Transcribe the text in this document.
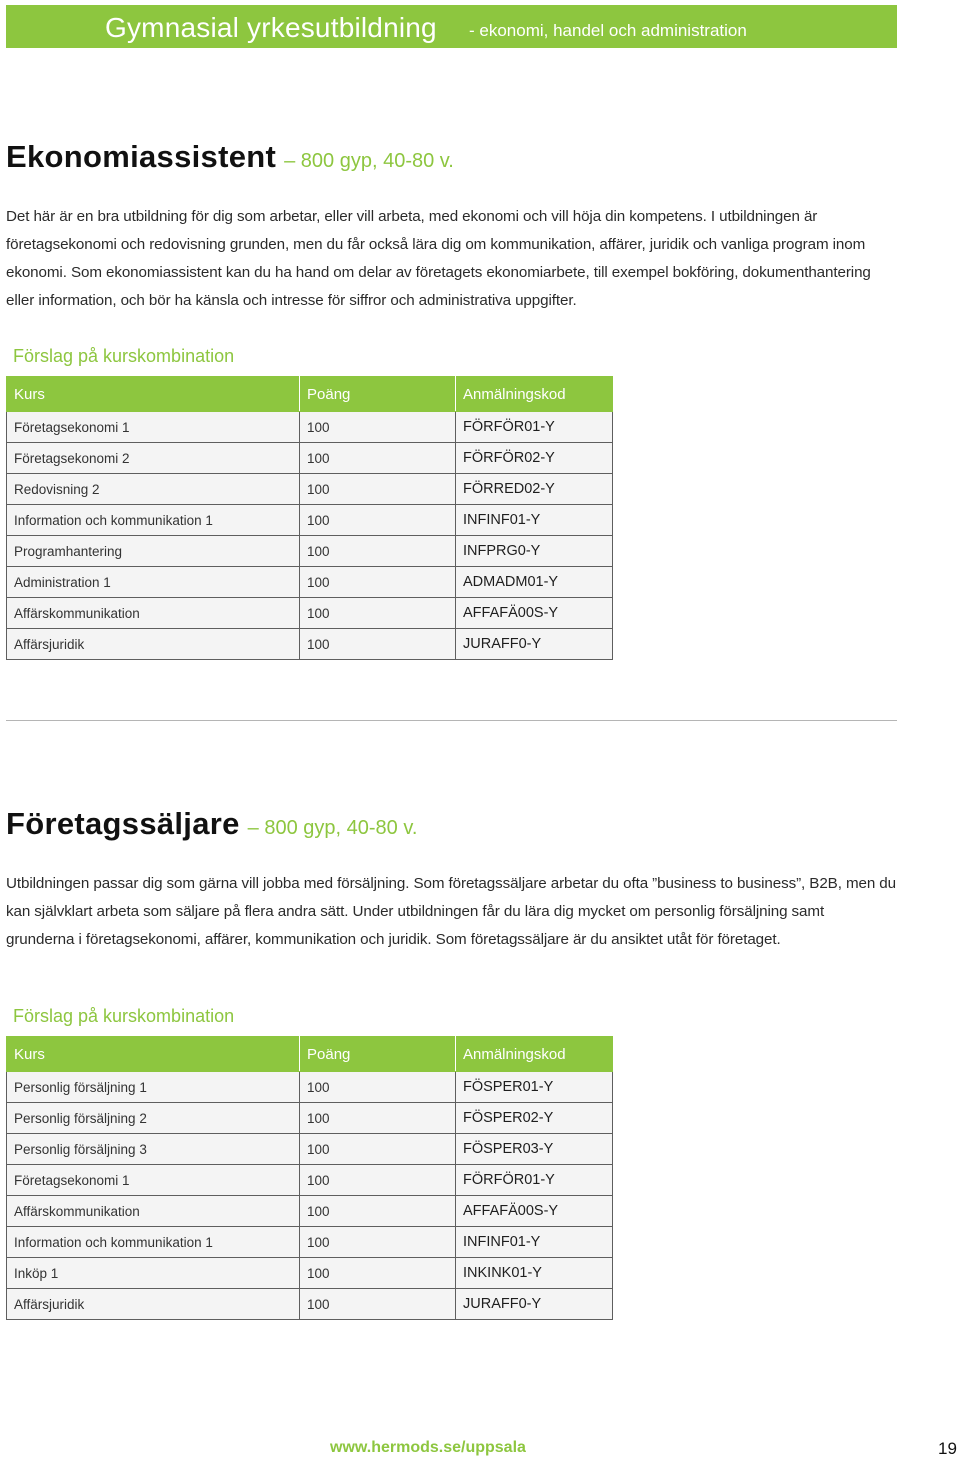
Gymnasial yrkesutbildning - ekonomi, handel och administration
Ekonomiassistent – 800 gyp, 40-80 v.

Det här är en bra utbildning för dig som arbetar, eller vill arbeta, med ekonomi och vill höja din kompetens. I utbildningen är företagsekonomi och redovisning grunden, men du får också lära dig om kommunikation, affärer, juridik och vanliga program inom ekonomi. Som ekonomiassistent kan du ha hand om delar av företagets ekonomiarbete, till exempel bokföring, dokumenthantering eller information, och bör ha känsla och intresse för siffror och administrativa uppgifter.

Förslag på kurskombination
Kurs	Poäng	Anmälningskod
Företagsekonomi 1	100	FÖRFÖR01-Y
Företagsekonomi 2	100	FÖRFÖR02-Y
Redovisning 2	100	FÖRRED02-Y
Information och kommunikation 1	100	INFINF01-Y
Programhantering	100	INFPRG0-Y
Administration 1	100	ADMADM01-Y
Affärskommunikation	100	AFFAFÄ00S-Y
Affärsjuridik	100	JURAFF0-Y
Företagssäljare – 800 gyp, 40-80 v.

Utbildningen passar dig som gärna vill jobba med försäljning. Som företagssäljare arbetar du ofta ”business to business”, B2B, men du kan självklart arbeta som säljare på flera andra sätt. Under utbildningen får du lära dig mycket om personlig försäljning samt grunderna i företagsekonomi, affärer, kommunikation och juridik. Som företagssäljare är du ansiktet utåt för företaget.

Förslag på kurskombination
Kurs	Poäng	Anmälningskod
Personlig försäljning 1	100	FÖSPER01-Y
Personlig försäljning 2	100	FÖSPER02-Y
Personlig försäljning 3	100	FÖSPER03-Y
Företagsekonomi 1	100	FÖRFÖR01-Y
Affärskommunikation	100	AFFAFÄ00S-Y
Information och kommunikation 1	100	INFINF01-Y
Inköp 1	100	INKINK01-Y
Affärsjuridik	100	JURAFF0-Y
www.hermods.se/uppsala	19
